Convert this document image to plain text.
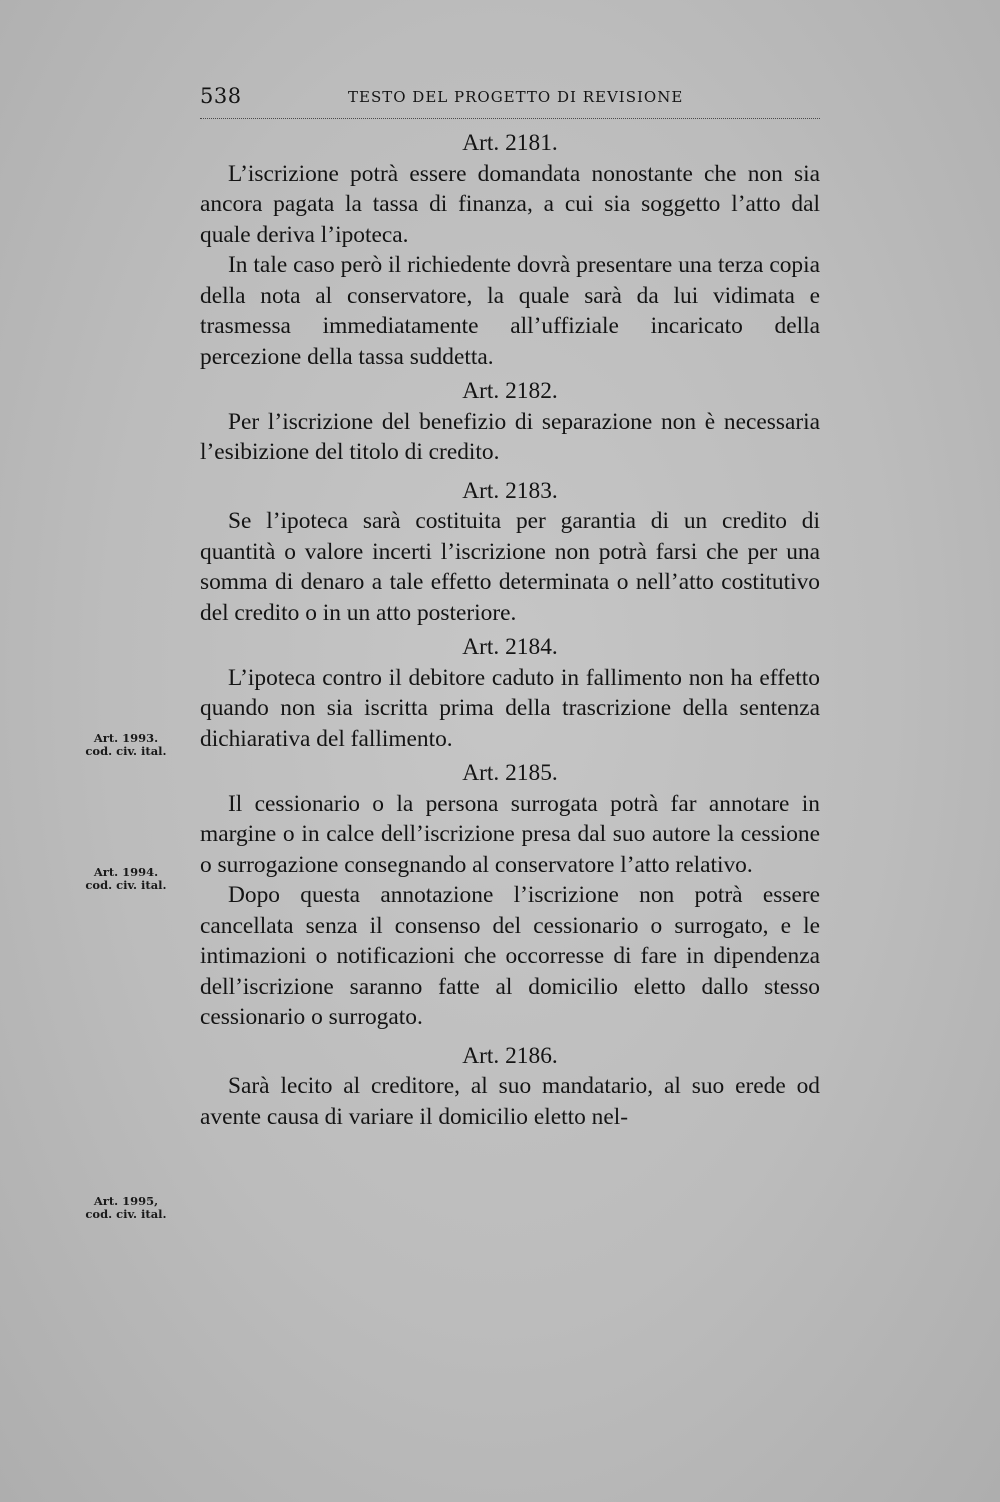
538	TESTO DEL PROGETTO DI REVISIONE

Art. 2181.

L’iscrizione potrà essere domandata nonostante che non sia ancora pagata la tassa di finanza, a cui sia soggetto l’atto dal quale deriva l’ipoteca.

In tale caso però il richiedente dovrà presentare una terza copia della nota al conservatore, la quale sarà da lui vidimata e trasmessa immediatamente all’uffiziale incaricato della percezione della tassa suddetta.

Art. 2182.

Per l’iscrizione del benefizio di separazione non è necessaria l’esibizione del titolo di credito.

Art. 2183.

Se l’ipoteca sarà costituita per garantia di un credito di quantità o valore incerti l’iscrizione non potrà farsi che per una somma di denaro a tale effetto determinata o nell’atto costitutivo del credito o in un atto posteriore.

Art. 2184.

L’ipoteca contro il debitore caduto in fallimento non ha effetto quando non sia iscritta prima della trascrizione della sentenza dichiarativa del fallimento.

Art. 2185.

Il cessionario o la persona surrogata potrà far annotare in margine o in calce dell’iscrizione presa dal suo autore la cessione o surrogazione consegnando al conservatore l’atto relativo.

Dopo questa annotazione l’iscrizione non potrà essere cancellata senza il consenso del cessionario o surrogato, e le intimazioni o notificazioni che occorresse di fare in dipendenza dell’iscrizione saranno fatte al domicilio eletto dallo stesso cessionario o surrogato.

Art. 2186.

Sarà lecito al creditore, al suo mandatario, al suo erede od avente causa di variare il domicilio eletto nel-

Art. 1993.
cod. civ. ital.
Art. 1994.
cod. civ. ital.
Art. 1995,
cod. civ. ital.
